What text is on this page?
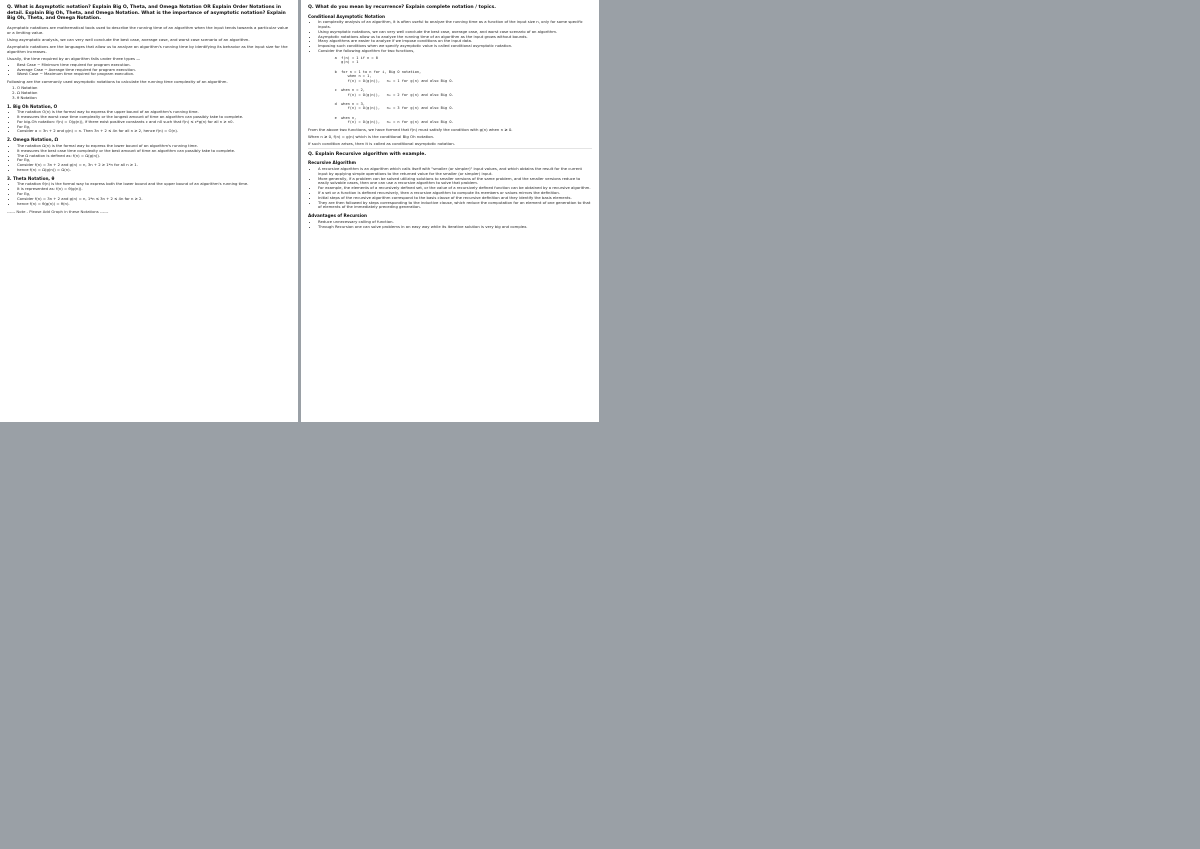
Q. What is Asymptotic notation? Explain Big O, Theta, and Omega Notation OR Explain Order Notations in detail. Explain Big Oh, Theta, and Omega Notation. What is the importance of asymptotic notation? Explain Big Oh, Theta, and Omega Notation.

Asymptotic notations are mathematical tools used to describe the running time of an algorithm when the input tends towards a particular value or a limiting value.

Using asymptotic analysis, we can very well conclude the best case, average case, and worst case scenario of an algorithm.

Asymptotic notations are the languages that allow us to analyze an algorithm's running time by identifying its behavior as the input size for the algorithm increases.

Usually, the time required by an algorithm falls under three types —

• Best Case − Minimum time required for program execution.
• Average Case − Average time required for program execution.
• Worst Case − Maximum time required for program execution.

Following are the commonly used asymptotic notations to calculate the running time complexity of an algorithm.

1. O Notation
2. Ω Notation
3. θ Notation
1. Big Oh Notation, O
• The notation O(n) is the formal way to express the upper bound of an algorithm's running time.
• It measures the worst case time complexity or the longest amount of time an algorithm can possibly take to complete.
• For big-Oh notation: f(n) = O(g(n)), if there exist positive constants c and n0 such that f(n) ≤ c*g(n) for all n ≥ n0.
• For Eg,
• Consider a = 3n + 2 and g(n) = n. Then 3n + 2 ≤ 4n for all n ≥ 2, hence f(n) = O(n).
2. Omega Notation, Ω
• The notation Ω(n) is the formal way to express the lower bound of an algorithm's running time.
• It measures the best case time complexity or the best amount of time an algorithm can possibly take to complete.
• The Ω notation is defined as: f(n) = Ω(g(n)).
• For Eg,
• Consider f(n) = 3n + 2 and g(n) = n, 3n + 2 ≥ 1*n for all n ≥ 1.
• hence f(n) = Ω(g(n)) = Ω(n).
3. Theta Notation, θ
• The notation θ(n) is the formal way to express both the lower bound and the upper bound of an algorithm's running time.
• It is represented as: f(n) = θ(g(n)).
• For Eg,
• Consider f(n) = 3n + 2 and g(n) = n, 1*n ≤ 3n + 2 ≤ 4n for n ≥ 2.
• hence f(n) = θ(g(n)) = θ(n).
------ Note - Please Add Graph in these Notations ------
Q. What do you mean by recurrence? Explain complete notation / topics.
Conditional Asymptotic Notation
• In complexity analysis of an algorithm, it is often useful to analyze the running time as a function of the input size n, only for some specific inputs.
• Using asymptotic notations, we can very well conclude the best case, average case, and worst case scenario of an algorithm.
• Asymptotic notations allow us to analyze the running time of an algorithm as the input grows without bounds.
• Many algorithms are easier to analyze if we impose conditions on the input data.
• Imposing such conditions when we specify asymptotic value is called conditional asymptotic notation.
• Consider the following algorithm for two functions,
a  f(n) = 1 if n = 0
g(n) = 1

b  for n = 1 to n for i, Big O notation,
when n = 1,
f(n) = O(g(n)),   n₀ = 1 for g(n) and also Big O.

c  when n = 2,
f(n) = O(g(n)),   n₀ = 2 for g(n) and also Big O.

d  when n = 3,
f(n) = O(g(n)),   n₀ = 3 for g(n) and also Big O.

e  when n,
f(n) = O(g(n)),   n₀ = n for g(n) and also Big O.

From the above two functions, we have formed that f(n) must satisfy the condition with g(n) when n ≥ 0.

When n ≥ 0, f(n) = g(n) which is the conditional Big Oh notation.

If such condition arises, then it is called as conditional asymptotic notation.

Q. Explain Recursive algorithm with example.
Recursive Algorithm
• A recursive algorithm is an algorithm which calls itself with "smaller (or simpler)" input values, and which obtains the result for the current input by applying simple operations to the returned value for the smaller (or simpler) input.
• More generally, if a problem can be solved utilizing solutions to smaller versions of the same problem, and the smaller versions reduce to easily solvable cases, then one can use a recursive algorithm to solve that problem.
• For example, the elements of a recursively defined set, or the value of a recursively defined function can be obtained by a recursive algorithm.
• If a set or a function is defined recursively, then a recursive algorithm to compute its members or values mirrors the definition.
• Initial steps of the recursive algorithm correspond to the basis clause of the recursive definition and they identify the basis elements.
• They are then followed by steps corresponding to the inductive clause, which reduce the computation for an element of one generation to that of elements of the immediately preceding generation.
Advantages of Recursion
• Reduce unnecessary calling of function.
• Through Recursion one can solve problems in an easy way while its iterative solution is very big and complex.
